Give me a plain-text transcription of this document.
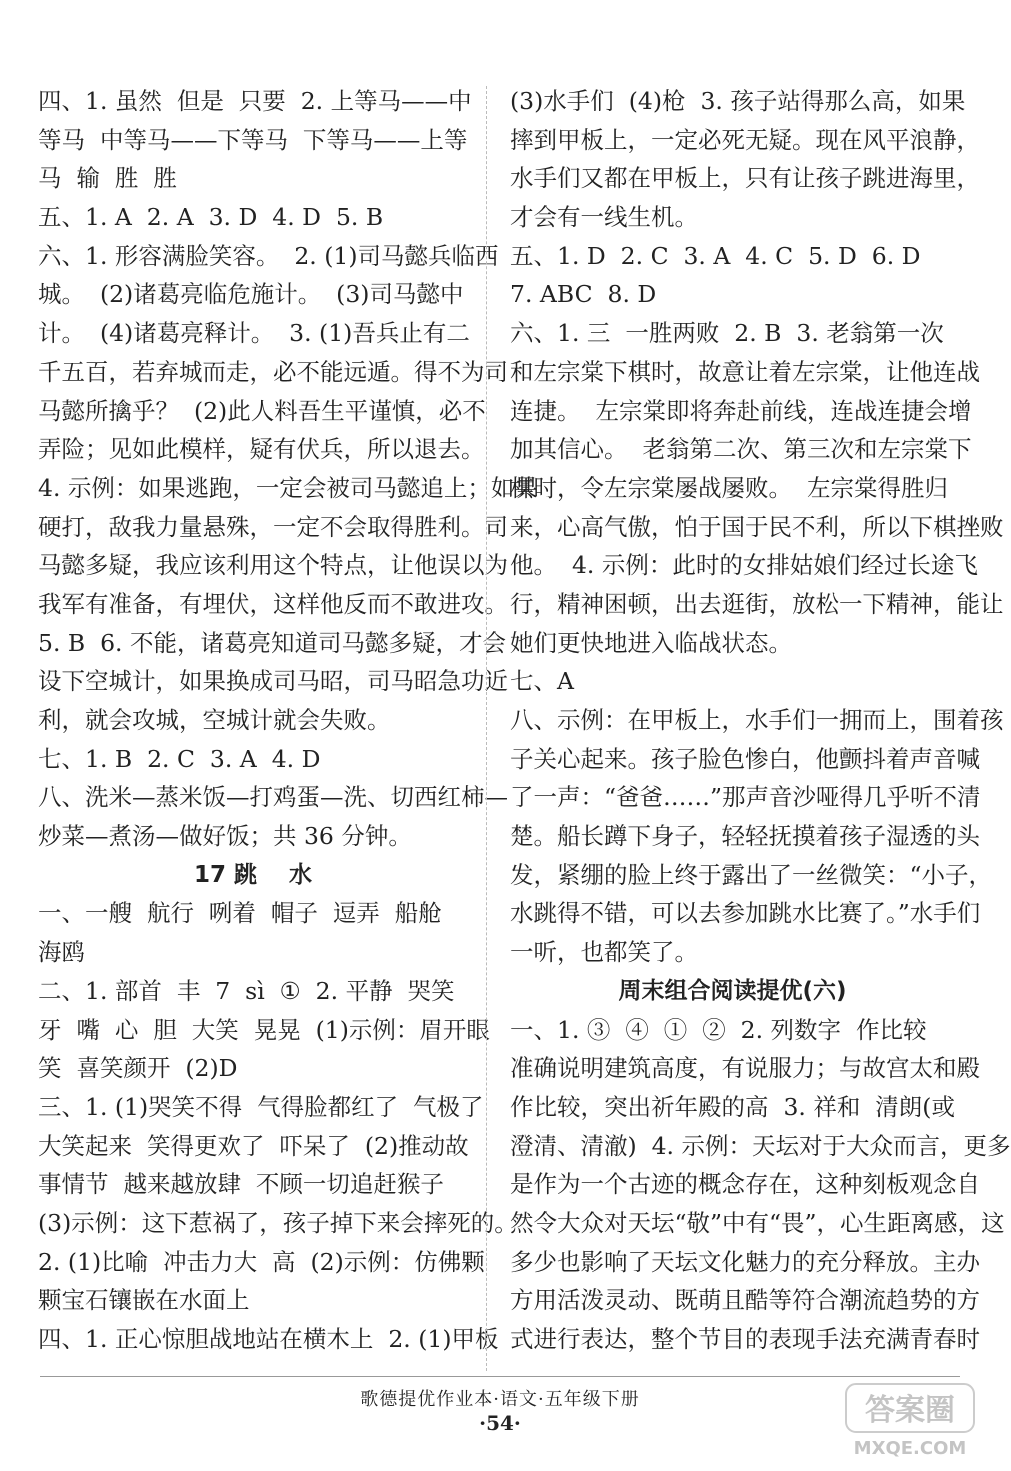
四、1. 虽然  但是  只要  2. 上等马——中
等马  中等马——下等马  下等马——上等
马  输  胜  胜
五、1. A  2. A  3. D  4. D  5. B
六、1. 形容满脸笑容。  2. (1)司马懿兵临西
城。  (2)诸葛亮临危施计。  (3)司马懿中
计。  (4)诸葛亮释计。  3. (1)吾兵止有二
千五百，若弃城而走，必不能远遁。得不为司
马懿所擒乎？  (2)此人料吾生平谨慎，必不
弄险；见如此模样，疑有伏兵，所以退去。
4. 示例：如果逃跑，一定会被司马懿追上；如果
硬打，敌我力量悬殊，一定不会取得胜利。司
马懿多疑，我应该利用这个特点，让他误以为
我军有准备，有埋伏，这样他反而不敢进攻。
5. B  6. 不能，诸葛亮知道司马懿多疑，才会
设下空城计，如果换成司马昭，司马昭急功近
利，就会攻城，空城计就会失败。
七、1. B  2. C  3. A  4. D
八、洗米—蒸米饭—打鸡蛋—洗、切西红柿—
炒菜—煮汤—做好饭；共 36 分钟。
17 跳    水
一、一艘  航行  咧着  帽子  逗弄  船舱
海鸥
二、1. 部首  丰  7  sì  ①  2. 平静  哭笑
牙  嘴  心  胆  大笑  晃晃  (1)示例：眉开眼
笑  喜笑颜开  (2)D
三、1. (1)哭笑不得  气得脸都红了  气极了
大笑起来  笑得更欢了  吓呆了  (2)推动故
事情节  越来越放肆  不顾一切追赶猴子
(3)示例：这下惹祸了，孩子掉下来会摔死的。
2. (1)比喻  冲击力大  高  (2)示例：仿佛颗
颗宝石镶嵌在水面上
四、1. 正心惊胆战地站在横木上  2. (1)甲板
(3)水手们  (4)枪  3. 孩子站得那么高，如果
摔到甲板上，一定必死无疑。现在风平浪静，
水手们又都在甲板上，只有让孩子跳进海里，
才会有一线生机。
五、1. D  2. C  3. A  4. C  5. D  6. D
7. ABC  8. D
六、1. 三  一胜两败  2. B  3. 老翁第一次
和左宗棠下棋时，故意让着左宗棠，让他连战
连捷。  左宗棠即将奔赴前线，连战连捷会增
加其信心。  老翁第二次、第三次和左宗棠下
棋时，令左宗棠屡战屡败。  左宗棠得胜归
来，心高气傲，怕于国于民不利，所以下棋挫败
他。  4. 示例：此时的女排姑娘们经过长途飞
行，精神困顿，出去逛街，放松一下精神，能让
她们更快地进入临战状态。
七、A
八、示例：在甲板上，水手们一拥而上，围着孩
子关心起来。孩子脸色惨白，他颤抖着声音喊
了一声：“爸爸……”那声音沙哑得几乎听不清
楚。船长蹲下身子，轻轻抚摸着孩子湿透的头
发，紧绷的脸上终于露出了一丝微笑：“小子，
水跳得不错，可以去参加跳水比赛了。”水手们
一听，也都笑了。
周末组合阅读提优(六)
一、1. ③  ④  ①  ②  2. 列数字  作比较
准确说明建筑高度，有说服力；与故宫太和殿
作比较，突出祈年殿的高  3. 祥和  清朗(或
澄清、清澈)  4. 示例：天坛对于大众而言，更多
是作为一个古迹的概念存在，这种刻板观念自
然令大众对天坛“敬”中有“畏”，心生距离感，这
多少也影响了天坛文化魅力的充分释放。主办
方用活泼灵动、既萌且酷等符合潮流趋势的方
式进行表达，整个节目的表现手法充满青春时
歌德提优作业本·语文·五年级下册
·54·	答案圈
MXQE.COM
